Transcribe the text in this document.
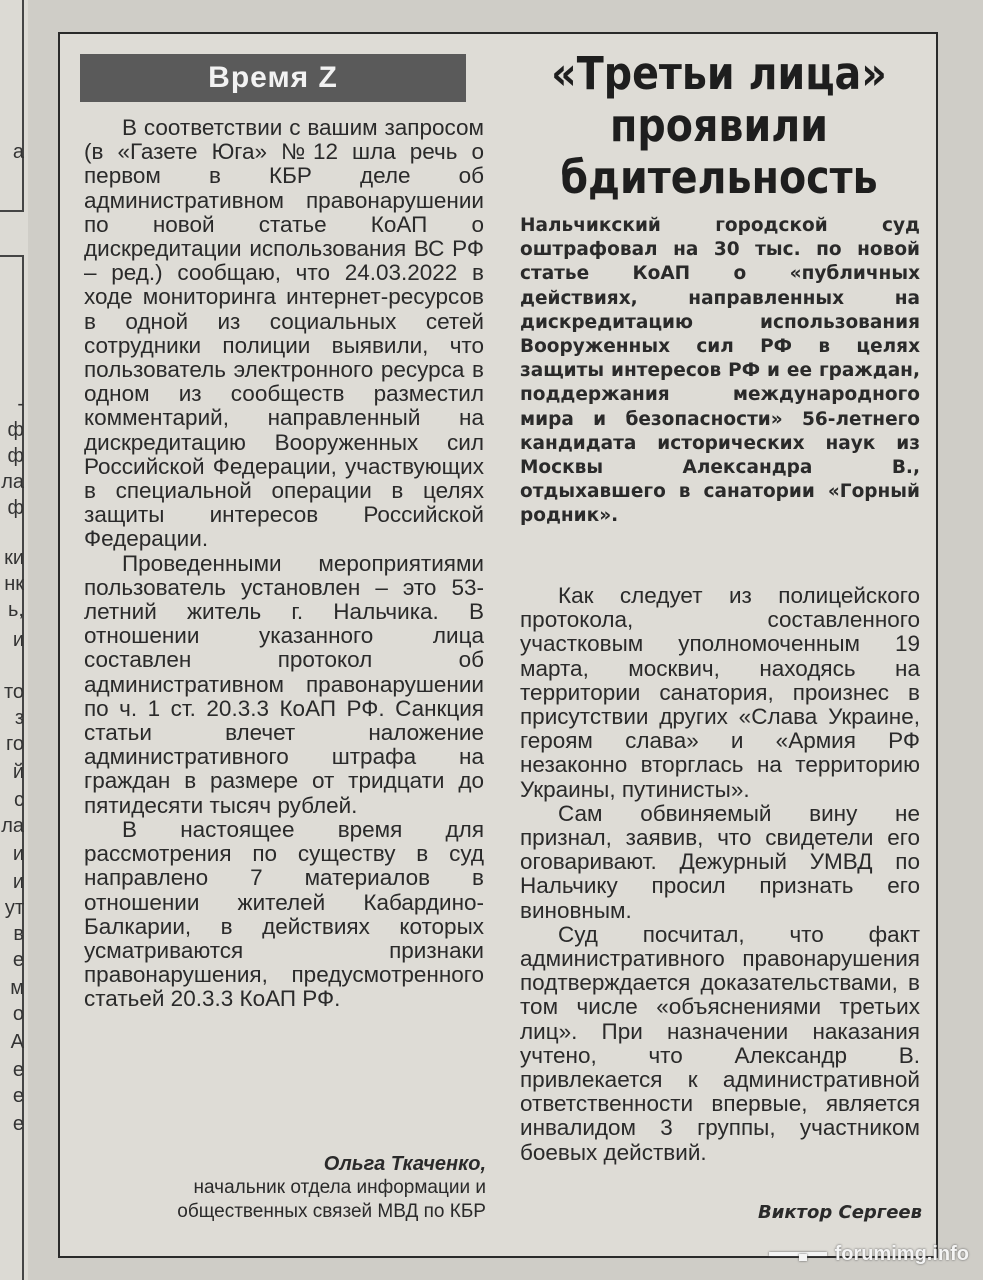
а
-
ф
ф
ла
ф
ки
нк
ь,
и
то
з
го
й
с
ла
и
и
ут
в
е
м
о
А
е
е
е
Время Z

В соответствии с вашим запросом (в «Газете Юга» №12 шла речь о первом в КБР деле об административном правонарушении по новой статье КоАП о дискредитации использования ВС РФ – ред.) сообщаю, что 24.03.2022 в ходе мониторинга интернет-ресурсов в одной из социальных сетей сотрудники полиции выявили, что пользователь электронного ресурса в одном из сообществ разместил комментарий, направленный на дискредитацию Вооруженных сил Российской Федерации, участвующих в специальной операции в целях защиты интересов Российской Федерации.

Проведенными мероприятиями пользователь установлен – это 53-летний житель г. Нальчика. В отношении указанного лица составлен протокол об административном правонарушении по ч. 1 ст. 20.3.3 КоАП РФ. Санкция статьи влечет наложение административного штрафа на граждан в размере от тридцати до пятидесяти тысяч рублей.

В настоящее время для рассмотрения по существу в суд направлено 7 материалов в отношении жителей Кабардино-Балкарии, в действиях которых усматриваются признаки правонарушения, предусмотренного статьей 20.3.3 КоАП РФ.

Ольга Ткаченко,
начальник отдела информации и
общественных связей МВД по КБР
«Третьи лица»
проявили
бдительность
Нальчикский городской суд оштрафовал на 30 тыс. по новой статье КоАП о «публичных действиях, направленных на дискредитацию использования Вооруженных сил РФ в целях защиты интересов РФ и ее граждан, поддержания международного мира и безопасности» 56-летнего кандидата исторических наук из Москвы Александра В., отдыхавшего в санатории «Горный родник».

Как следует из полицейского протокола, составленного участковым уполномоченным 19 марта, москвич, находясь на территории санатория, произнес в присутствии других «Слава Украине, героям слава» и «Армия РФ незаконно вторглась на территорию Украины, путинисты».

Сам обвиняемый вину не признал, заявив, что свидетели его оговаривают. Дежурный УМВД по Нальчику просил признать его виновным.

Суд посчитал, что факт административного правонарушения подтверждается доказательствами, в том числе «объяснениями третьих лиц». При назначении наказания учтено, что Александр В. привлекается к административной ответственности впервые, является инвалидом 3 группы, участником боевых действий.

Виктор Сергеев
forumimg.info
